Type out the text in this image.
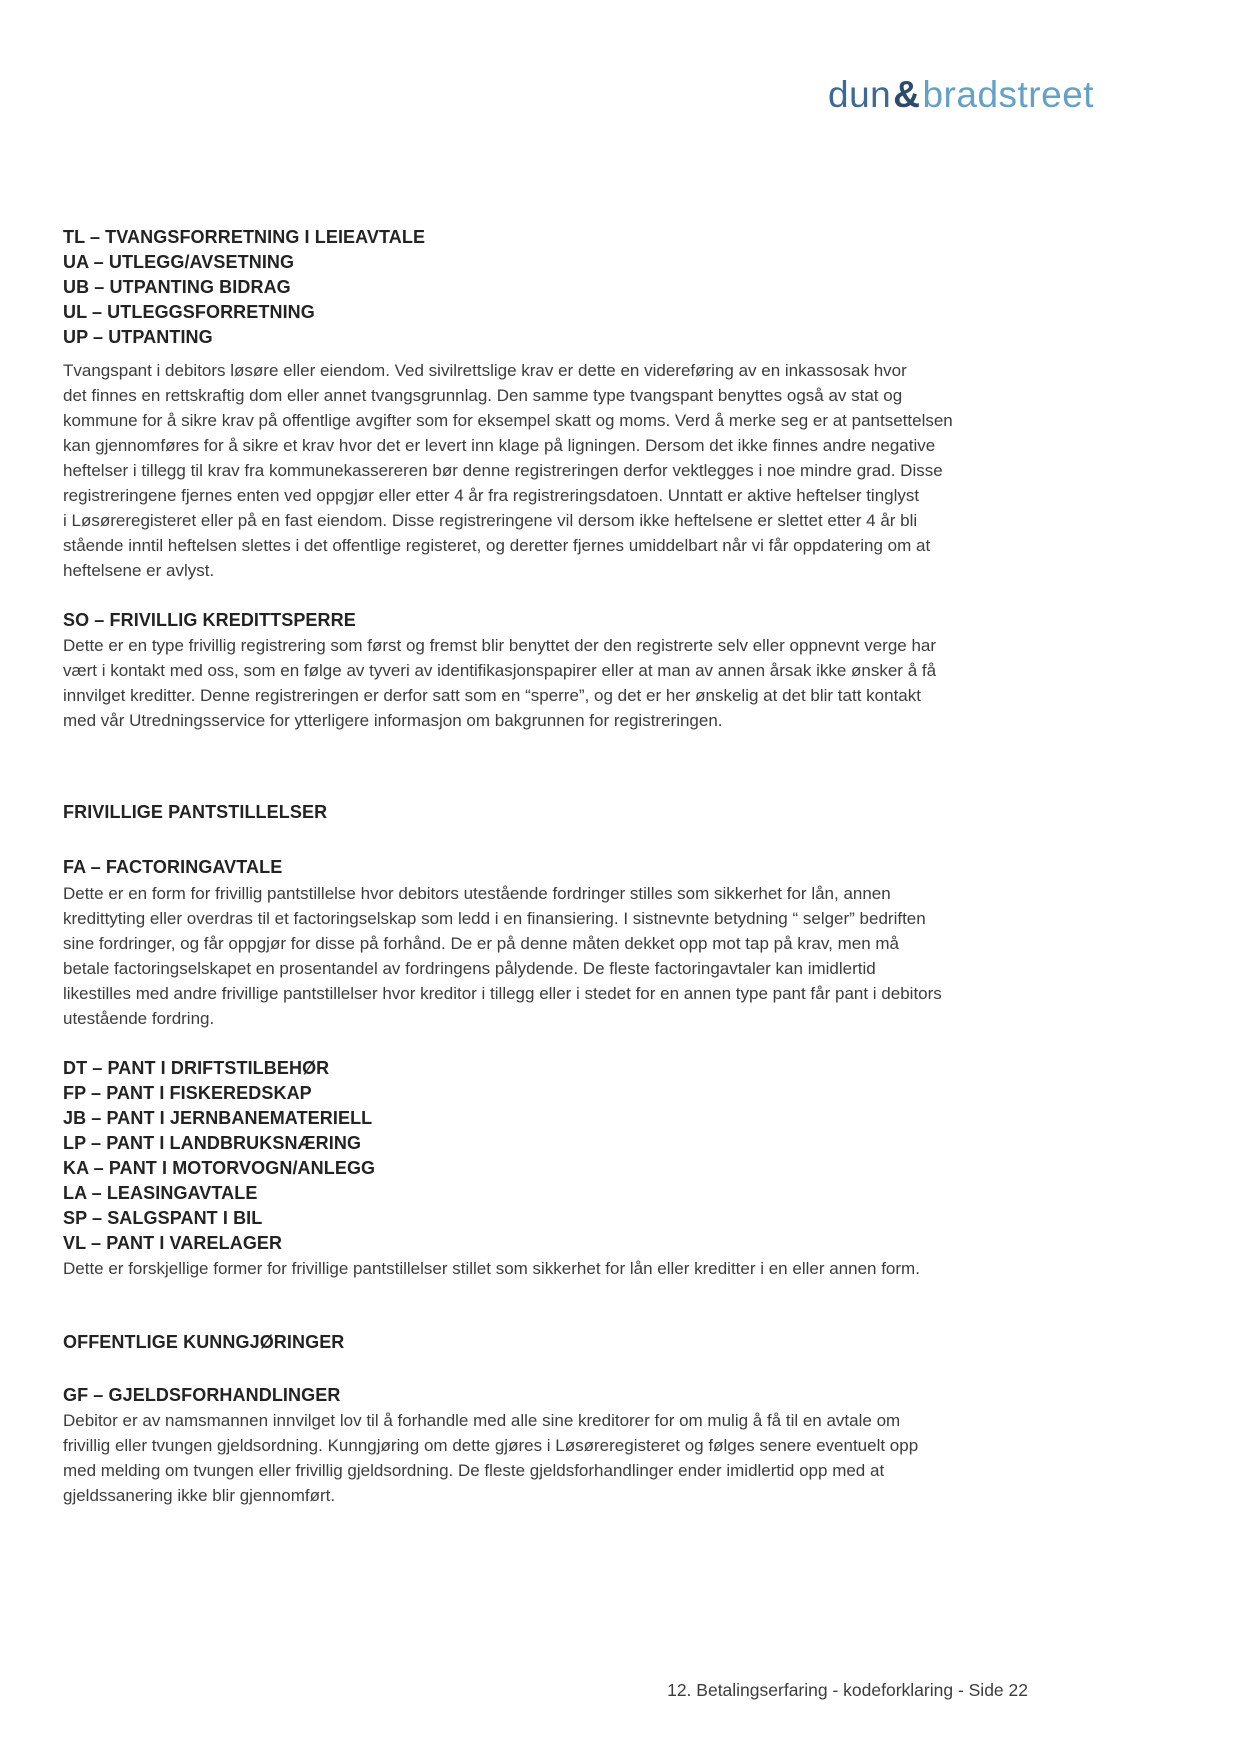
dun&bradstreet
TL – TVANGSFORRETNING I LEIEAVTALE
UA – UTLEGG/AVSETNING
UB – UTPANTING BIDRAG
UL – UTLEGGSFORRETNING
UP – UTPANTING
Tvangspant i debitors løsøre eller eiendom. Ved sivilrettslige krav er dette en videreføring av en inkassosak hvor
det finnes en rettskraftig dom eller annet tvangsgrunnlag. Den samme type tvangspant benyttes også av stat og
kommune for å sikre krav på offentlige avgifter som for eksempel skatt og moms. Verd å merke seg er at pantsettelsen
kan gjennomføres for å sikre et krav hvor det er levert inn klage på ligningen. Dersom det ikke finnes andre negative
heftelser i tillegg til krav fra kommunekassereren bør denne registreringen derfor vektlegges i noe mindre grad. Disse
registreringene fjernes enten ved oppgjør eller etter 4 år fra registreringsdatoen. Unntatt er aktive heftelser tinglyst
i Løsøreregisteret eller på en fast eiendom. Disse registreringene vil dersom ikke heftelsene er slettet etter 4 år bli
stående inntil heftelsen slettes i det offentlige registeret, og deretter fjernes umiddelbart når vi får oppdatering om at
heftelsene er avlyst.
SO – FRIVILLIG KREDITTSPERRE
Dette er en type frivillig registrering som først og fremst blir benyttet der den registrerte selv eller oppnevnt verge har
vært i kontakt med oss, som en følge av tyveri av identifikasjonspapirer eller at man av annen årsak ikke ønsker å få
innvilget kreditter. Denne registreringen er derfor satt som en “sperre”, og det er her ønskelig at det blir tatt kontakt
med vår Utredningsservice for ytterligere informasjon om bakgrunnen for registreringen.
FRIVILLIGE PANTSTILLELSER
FA – FACTORINGAVTALE
Dette er en form for frivillig pantstillelse hvor debitors utestående fordringer stilles som sikkerhet for lån, annen
kredittyting eller overdras til et factoringselskap som ledd i en finansiering. I sistnevnte betydning “ selger” bedriften
sine fordringer, og får oppgjør for disse på forhånd. De er på denne måten dekket opp mot tap på krav, men må
betale factoringselskapet en prosentandel av fordringens pålydende. De fleste factoringavtaler kan imidlertid
likestilles med andre frivillige pantstillelser hvor kreditor i tillegg eller i stedet for en annen type pant får pant i debitors
utestående fordring.
DT – PANT I DRIFTSTILBEHØR
FP – PANT I FISKEREDSKAP
JB – PANT I JERNBANEMATERIELL
LP – PANT I LANDBRUKSNÆRING
KA – PANT I MOTORVOGN/ANLEGG
LA – LEASINGAVTALE
SP – SALGSPANT I BIL
VL – PANT I VARELAGER
Dette er forskjellige former for frivillige pantstillelser stillet som sikkerhet for lån eller kreditter i en eller annen form.
OFFENTLIGE KUNNGJØRINGER
GF – GJELDSFORHANDLINGER
Debitor er av namsmannen innvilget lov til å forhandle med alle sine kreditorer for om mulig å få til en avtale om
frivillig eller tvungen gjeldsordning. Kunngjøring om dette gjøres i Løsøreregisteret og følges senere eventuelt opp
med melding om tvungen eller frivillig gjeldsordning. De fleste gjeldsforhandlinger ender imidlertid opp med at
gjeldssanering ikke blir gjennomført.
12. Betalingserfaring - kodeforklaring - Side 22
